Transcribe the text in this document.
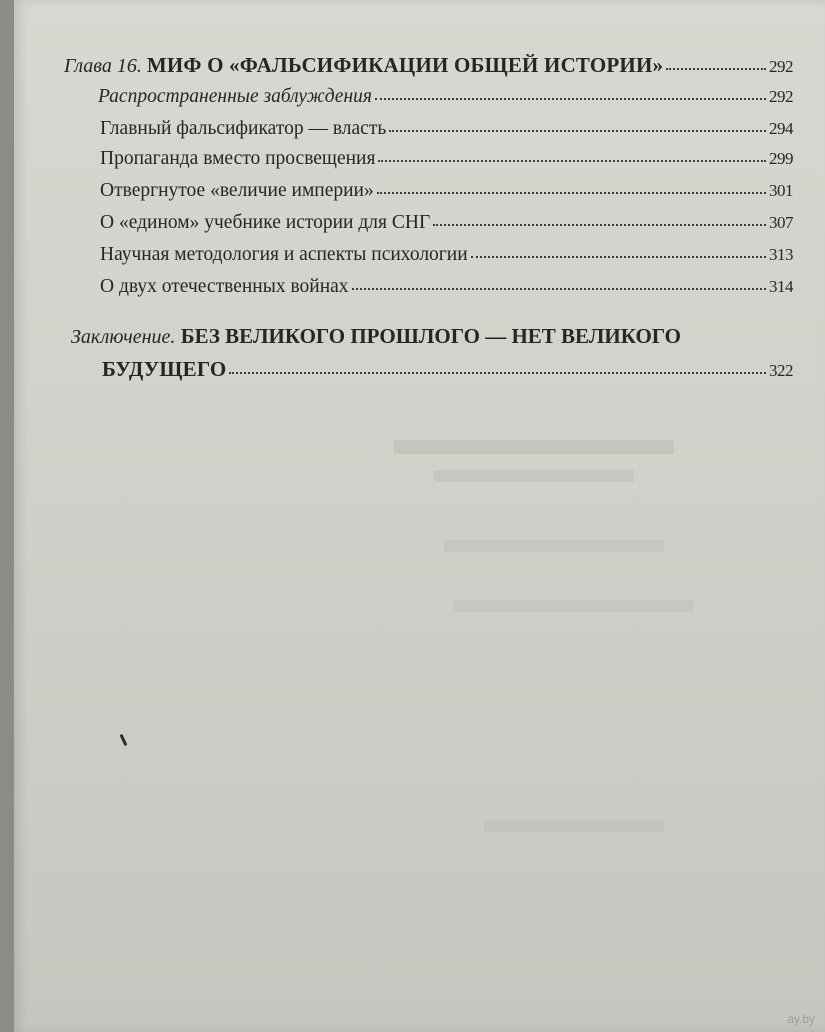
Глава 16. МИФ О «ФАЛЬСИФИКАЦИИ ОБЩЕЙ ИСТОРИИ»	292
Распространенные заблуждения	292
Главный фальсификатор — власть	294
Пропаганда вместо просвещения	299
Отвергнутое «величие империи»	301
О «едином» учебнике истории для СНГ	307
Научная методология и аспекты психологии	313
О двух отечественных войнах	314
Заключение. БЕЗ ВЕЛИКОГО ПРОШЛОГО — НЕТ ВЕЛИКОГО
БУДУЩЕГО	322
ay.by
